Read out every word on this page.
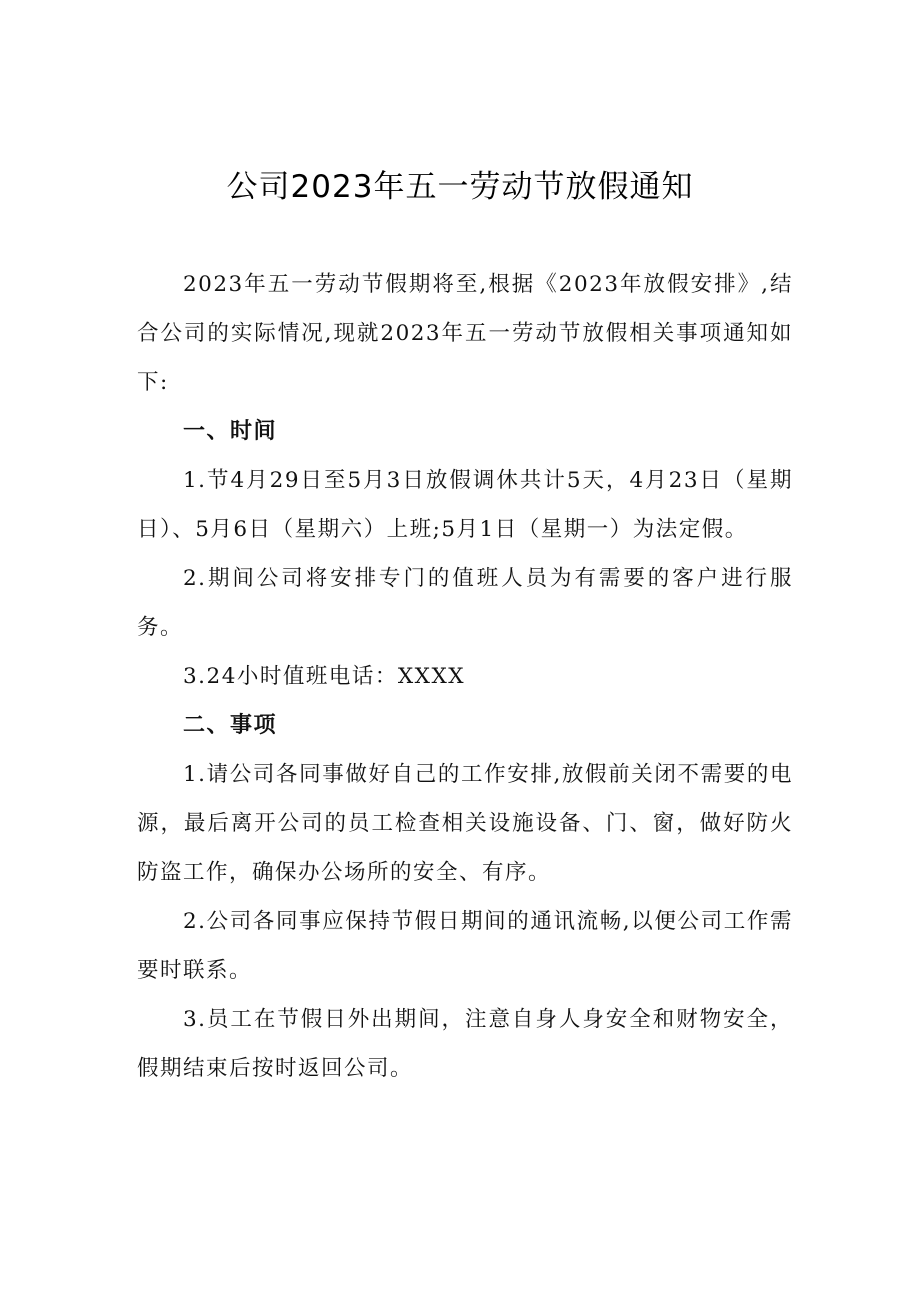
公司2023年五一劳动节放假通知

2023年五一劳动节假期将至,根据《2023年放假安排》,结合公司的实际情况,现就2023年五一劳动节放假相关事项通知如下:

一、时间

1.节4月29日至5月3日放假调休共计5天，4月23日（星期日）、5月6日（星期六）上班;5月1日（星期一）为法定假。

2.期间公司将安排专门的值班人员为有需要的客户进行服务。

3.24小时值班电话：XXXX

二、事项

1.请公司各同事做好自己的工作安排,放假前关闭不需要的电源，最后离开公司的员工检查相关设施设备、门、窗，做好防火防盗工作，确保办公场所的安全、有序。

2.公司各同事应保持节假日期间的通讯流畅,以便公司工作需要时联系。

3.员工在节假日外出期间，注意自身人身安全和财物安全，假期结束后按时返回公司。
